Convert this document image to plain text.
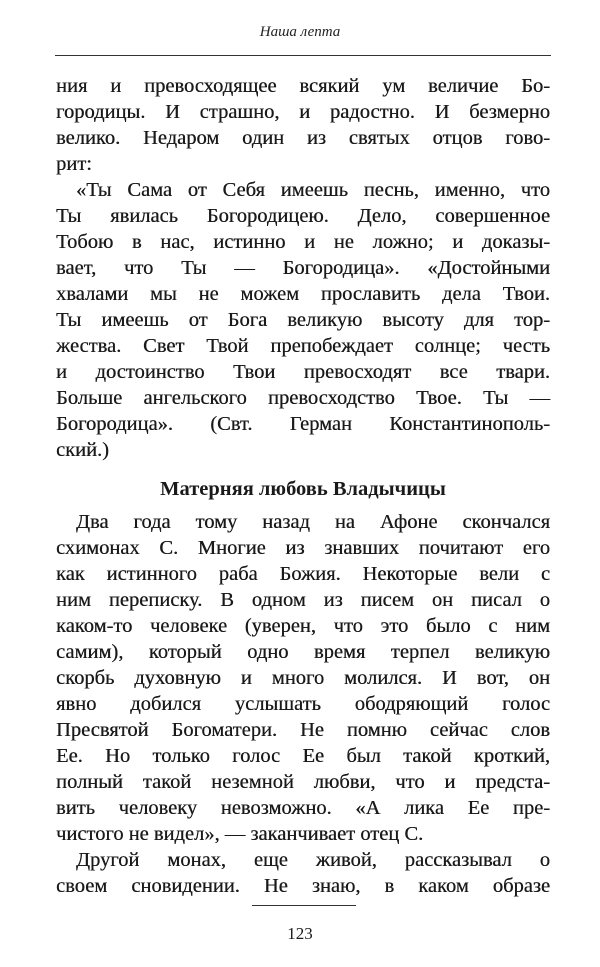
Наша лепта
ния и превосходящее всякий ум величие Бо-
городицы. И страшно, и радостно. И безмерно
велико. Недаром один из святых отцов гово-
рит:
«Ты Сама от Себя имеешь песнь, именно, что
Ты явилась Богородицею. Дело, совершенное
Тобою в нас, истинно и не ложно; и доказы-
вает, что Ты — Богородица». «Достойными
хвалами мы не можем прославить дела Твои.
Ты имеешь от Бога великую высоту для тор-
жества. Свет Твой препобеждает солнце; честь
и достоинство Твои превосходят все твари.
Больше ангельского превосходство Твое. Ты —
Богородица». (Свт. Герман Константинополь-
ский.)
Матерняя любовь Владычицы
Два года тому назад на Афоне скончался
схимонах С. Многие из знавших почитают его
как истинного раба Божия. Некоторые вели с
ним переписку. В одном из писем он писал о
каком-то человеке (уверен, что это было с ним
самим), который одно время терпел великую
скорбь духовную и много молился. И вот, он
явно добился услышать ободряющий голос
Пресвятой Богоматери. Не помню сейчас слов
Ее. Но только голос Ее был такой кроткий,
полный такой неземной любви, что и предста-
вить человеку невозможно. «А лика Ее пре-
чистого не видел», — заканчивает отец С.
Другой монах, еще живой, рассказывал о
своем сновидении. Не знаю, в каком образе
123
